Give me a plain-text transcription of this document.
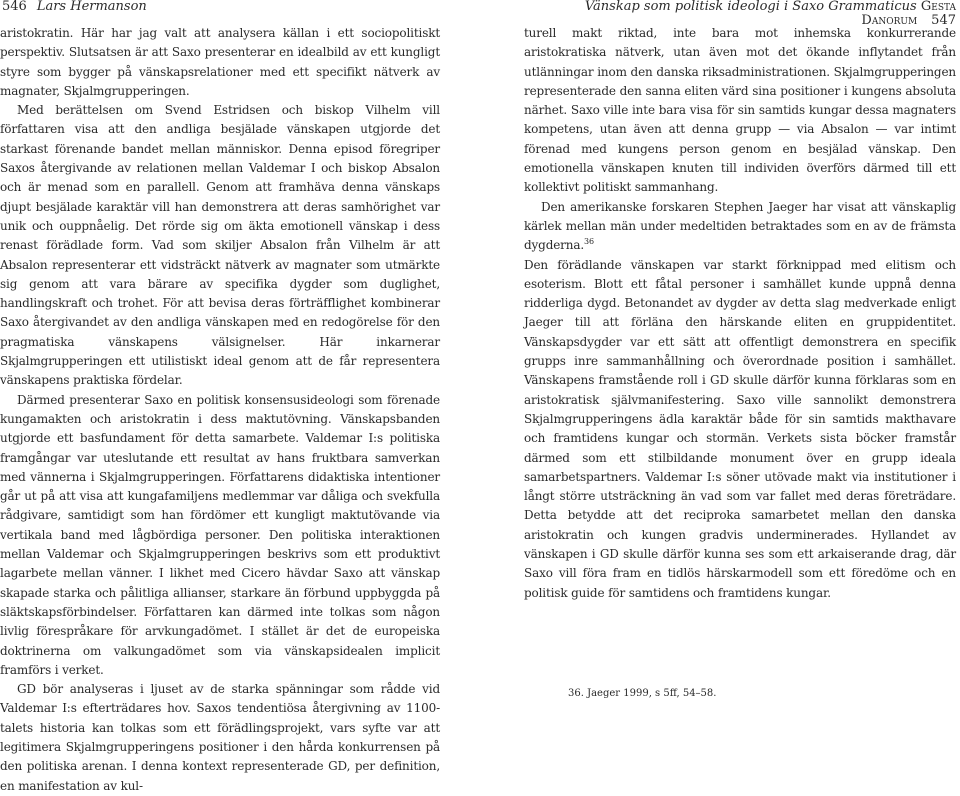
546 Lars Hermanson

aristokratin. Här har jag valt att analysera källan i ett sociopolitiskt perspektiv. Slutsatsen är att Saxo presenterar en idealbild av ett kungligt styre som bygger på vänskapsrelationer med ett specifikt nätverk av magnater, Skjalmgrupperingen.

Med berättelsen om Svend Estridsen och biskop Vilhelm vill författaren visa att den andliga besjälade vänskapen utgjorde det starkast förenande bandet mellan människor. Denna episod föregriper Saxos återgivande av relationen mellan Valdemar I och biskop Absalon och är menad som en parallell. Genom att framhäva denna vänskaps djupt besjälade karaktär vill han demonstrera att deras samhörighet var unik och ouppnåelig. Det rörde sig om äkta emotionell vänskap i dess renast förädlade form. Vad som skiljer Absalon från Vilhelm är att Absalon representerar ett vidsträckt nätverk av magnater som utmärkte sig genom att vara bärare av specifika dygder som duglighet, handlingskraft och trohet. För att bevisa deras förträfflighet kombinerar Saxo återgivandet av den andliga vänskapen med en redogörelse för den pragmatiska vänskapens välsignelser. Här inkarnerar Skjalmgrupperingen ett utilistiskt ideal genom att de får representera vänskapens praktiska fördelar.

Därmed presenterar Saxo en politisk konsensusideologi som förenade kungamakten och aristokratin i dess maktutövning. Vänskapsbanden utgjorde ett basfundament för detta samarbete. Valdemar I:s politiska framgångar var uteslutande ett resultat av hans fruktbara samverkan med vännerna i Skjalmgrupperingen. Författarens didaktiska intentioner går ut på att visa att kungafamiljens medlemmar var dåliga och svekfulla rådgivare, samtidigt som han fördömer ett kungligt maktutövande via vertikala band med lågbördiga personer. Den politiska interaktionen mellan Valdemar och Skjalmgrupperingen beskrivs som ett produktivt lagarbete mellan vänner. I likhet med Cicero hävdar Saxo att vänskap skapade starka och pålitliga allianser, starkare än förbund uppbyggda på släktskapsförbindelser. Författaren kan därmed inte tolkas som någon livlig förespråkare för arvkungadömet. I stället är det de europeiska doktrinerna om valkungadömet som via vänskapsidealen implicit framförs i verket.

GD bör analyseras i ljuset av de starka spänningar som rådde vid Valdemar I:s efterträdares hov. Saxos tendentiösa återgivning av 1100-talets historia kan tolkas som ett förädlingsprojekt, vars syfte var att legitimera Skjalmgrupperingens positioner i den hårda konkurrensen på den politiska arenan. I denna kontext representerade GD, per definition, en manifestation av kul-

Vänskap som politisk ideologi i Saxo Grammaticus Gesta Danorum 547

turell makt riktad, inte bara mot inhemska konkurrerande aristokratiska nätverk, utan även mot det ökande inflytandet från utlänningar inom den danska riksadministrationen. Skjalmgrupperingen representerade den sanna eliten värd sina positioner i kungens absoluta närhet. Saxo ville inte bara visa för sin samtids kungar dessa magnaters kompetens, utan även att denna grupp — via Absalon — var intimt förenad med kungens person genom en besjälad vänskap. Den emotionella vänskapen knuten till individen överförs därmed till ett kollektivt politiskt sammanhang.

Den amerikanske forskaren Stephen Jaeger har visat att vänskaplig kärlek mellan män under medeltiden betraktades som en av de främsta dygderna.$^{36}$

Den förädlande vänskapen var starkt förknippad med elitism och esoterism. Blott ett fåtal personer i samhället kunde uppnå denna ridderliga dygd. Betonandet av dygder av detta slag medverkade enligt Jaeger till att förläna den härskande eliten en gruppidentitet. Vänskapsdygder var ett sätt att offentligt demonstrera en specifik grupps inre sammanhållning och överordnade position i samhället. Vänskapens framstående roll i GD skulle därför kunna förklaras som en aristokratisk självmanifestering. Saxo ville sannolikt demonstrera Skjalmgrupperingens ädla karaktär både för sin samtids makthavare och framtidens kungar och stormän. Verkets sista böcker framstår därmed som ett stilbildande monument över en grupp ideala samarbetspartners. Valdemar I:s söner utövade makt via institutioner i långt större utsträckning än vad som var fallet med deras företrädare. Detta betydde att det reciproka samarbetet mellan den danska aristokratin och kungen gradvis underminerades. Hyllandet av vänskapen i GD skulle därför kunna ses som ett arkaiserande drag, där Saxo vill föra fram en tidlös härskarmodell som ett föredöme och en politisk guide för samtidens och framtidens kungar.

36. Jaeger 1999, s 5ff, 54–58.
